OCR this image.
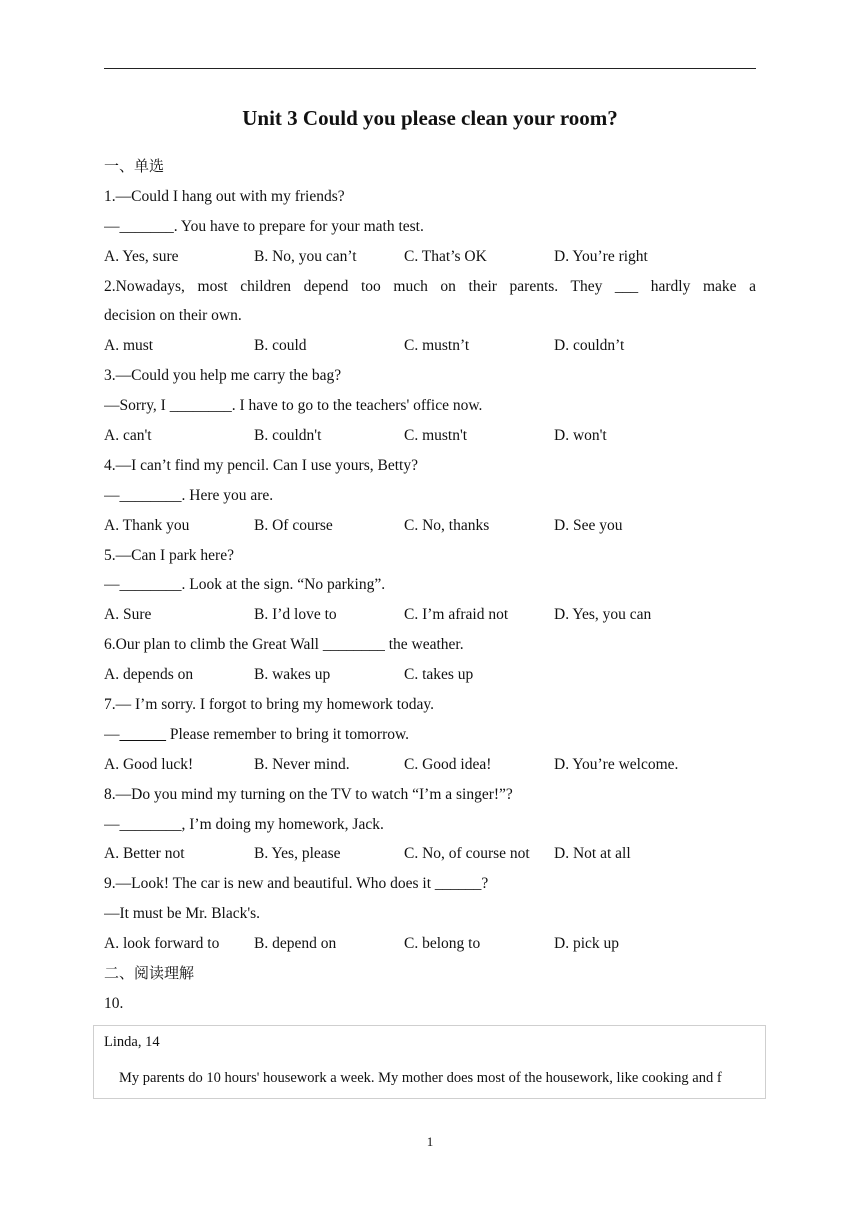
Unit 3 Could you please clean your room?
一、单选
1.—Could I hang out with my friends?
—_______. You have to prepare for your math test.
A. Yes, sure	B. No, you can’t	C. That’s OK	D. You’re right
2.Nowadays, most children depend too much on their parents. They ___ hardly make a
decision on their own.
A. must	B. could	C. mustn’t	D. couldn’t
3.—Could you help me carry the bag?
—Sorry, I ________. I have to go to the teachers' office now.
A. can't	B. couldn't	C. mustn't	D. won't
4.—I can’t find my pencil. Can I use yours, Betty?
—________. Here you are.
A. Thank you	B. Of course	C. No, thanks	D. See you
5.—Can I park here?
—________. Look at the sign. “No parking”.
A. Sure	B. I’d love to	C. I’m afraid not	D. Yes, you can
6.Our plan to climb the Great Wall ________ the weather.
A. depends on	B. wakes up	C. takes up
7.— I’m sorry. I forgot to bring my homework today.
—______ Please remember to bring it tomorrow.
A. Good luck!	B. Never mind.	C. Good idea!	D. You’re welcome.
8.—Do you mind my turning on the TV to watch “I’m a singer!”?
—________, I’m doing my homework, Jack.
A. Better not	B. Yes, please	C. No, of course not	D. Not at all
9.—Look! The car is new and beautiful. Who does it ______?
—It must be Mr. Black's.
A. look forward to	B. depend on	C. belong to	D. pick up
二、阅读理解
10.
Linda, 14
My parents do 10 hours' housework a week. My mother does most of the housework, like cooking and f
1
